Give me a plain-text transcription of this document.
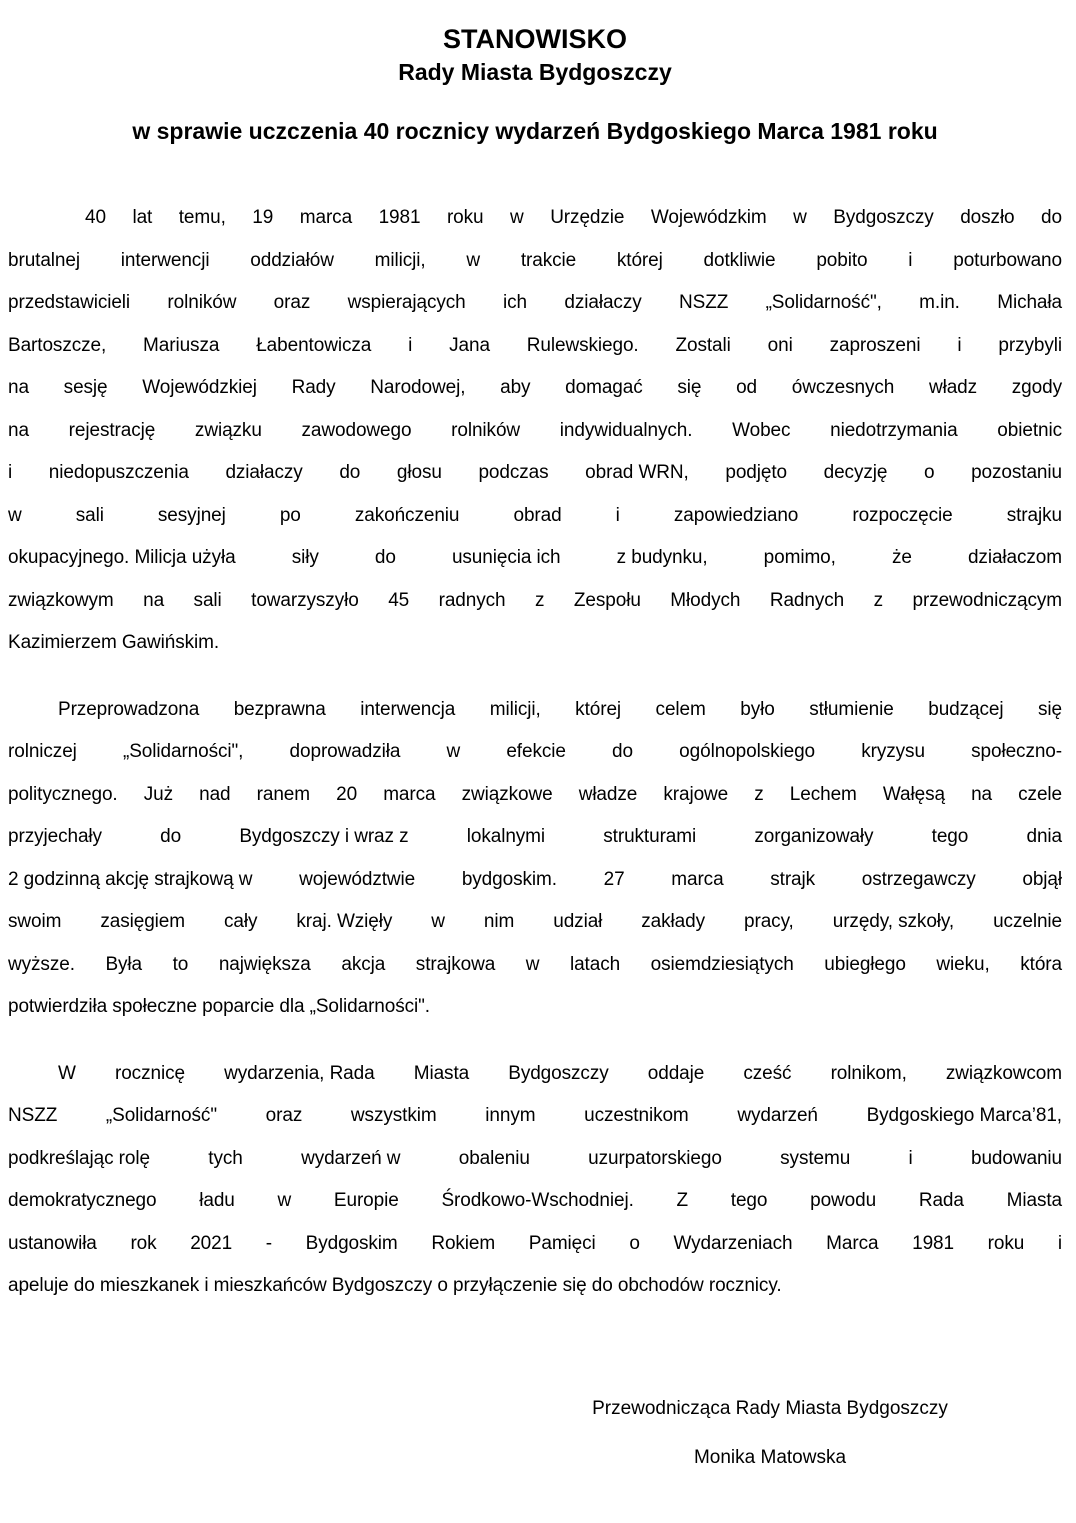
STANOWISKO
Rady Miasta Bydgoszczy
w sprawie uczczenia 40 rocznicy wydarzeń Bydgoskiego Marca 1981 roku
40 lat temu, 19 marca 1981 roku w Urzędzie Wojewódzkim w Bydgoszczy doszło do
brutalnej interwencji oddziałów milicji, w trakcie której dotkliwie pobito i poturbowano
przedstawicieli rolników oraz wspierających ich działaczy NSZZ „Solidarność", m.in. Michała
Bartoszcze, Mariusza Łabentowicza i Jana Rulewskiego. Zostali oni zaproszeni i przybyli
na sesję Wojewódzkiej Rady Narodowej, aby domagać się od ówczesnych władz zgody
na rejestrację związku zawodowego rolników indywidualnych. Wobec niedotrzymania obietnic
i niedopuszczenia działaczy do głosu podczas obrad WRN, podjęto decyzję o pozostaniu
w sali sesyjnej po zakończeniu obrad i zapowiedziano rozpoczęcie strajku
okupacyjnego. Milicja użyła siły do usunięcia ich z budynku, pomimo, że działaczom
związkowym na sali towarzyszyło 45 radnych z Zespołu Młodych Radnych z przewodniczącym
Kazimierzem Gawińskim.
Przeprowadzona bezprawna interwencja milicji, której celem było stłumienie budzącej się
rolniczej „Solidarności", doprowadziła w efekcie do ogólnopolskiego kryzysu społeczno-
politycznego. Już nad ranem 20 marca związkowe władze krajowe z Lechem Wałęsą na czele
przyjechały do Bydgoszczy i wraz z lokalnymi strukturami zorganizowały tego dnia
2 godzinną akcję strajkową w województwie bydgoskim. 27 marca strajk ostrzegawczy objął
swoim zasięgiem cały kraj. Wzięły w nim udział zakłady pracy, urzędy, szkoły, uczelnie
wyższe. Była to największa akcja strajkowa w latach osiemdziesiątych ubiegłego wieku, która
potwierdziła społeczne poparcie dla „Solidarności".
W rocznicę wydarzenia, Rada Miasta Bydgoszczy oddaje cześć rolnikom, związkowcom
NSZZ „Solidarność" oraz wszystkim innym uczestnikom wydarzeń Bydgoskiego Marca’81,
podkreślając rolę tych wydarzeń w obaleniu uzurpatorskiego systemu i budowaniu
demokratycznego ładu w Europie Środkowo-Wschodniej. Z tego powodu Rada Miasta
ustanowiła rok 2021 - Bydgoskim Rokiem Pamięci o Wydarzeniach Marca 1981 roku i
apeluje do mieszkanek i mieszkańców Bydgoszczy o przyłączenie się do obchodów rocznicy.
Przewodnicząca Rady Miasta Bydgoszczy
Monika Matowska
